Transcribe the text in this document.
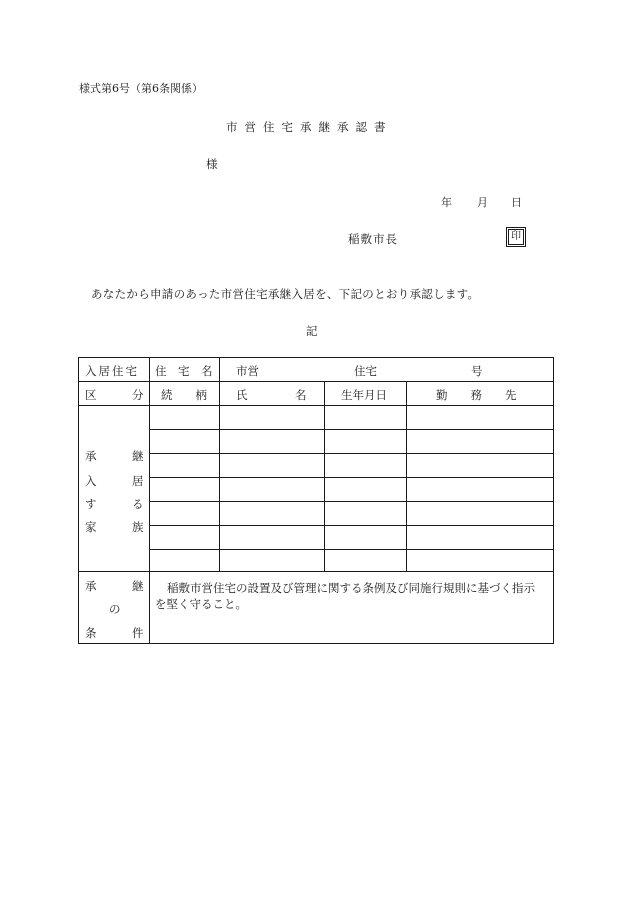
様式第6号（第6条関係）
市営住宅承継承認書
様
年 月 日
稲敷市長	印
あなたから申請のあった市営住宅承継入居を、下記のとおり承認します。
記
入居住宅 住　宅　名 市営	住宅	号
区	分 続　　柄	氏	名	生年月日	勤　　務　　先
承	継
入	居
す	る
家	族
承	継
の
条	件
稲敷市営住宅の設置及び管理に関する条例及び同施行規則に基づく指示
を堅く守ること。
